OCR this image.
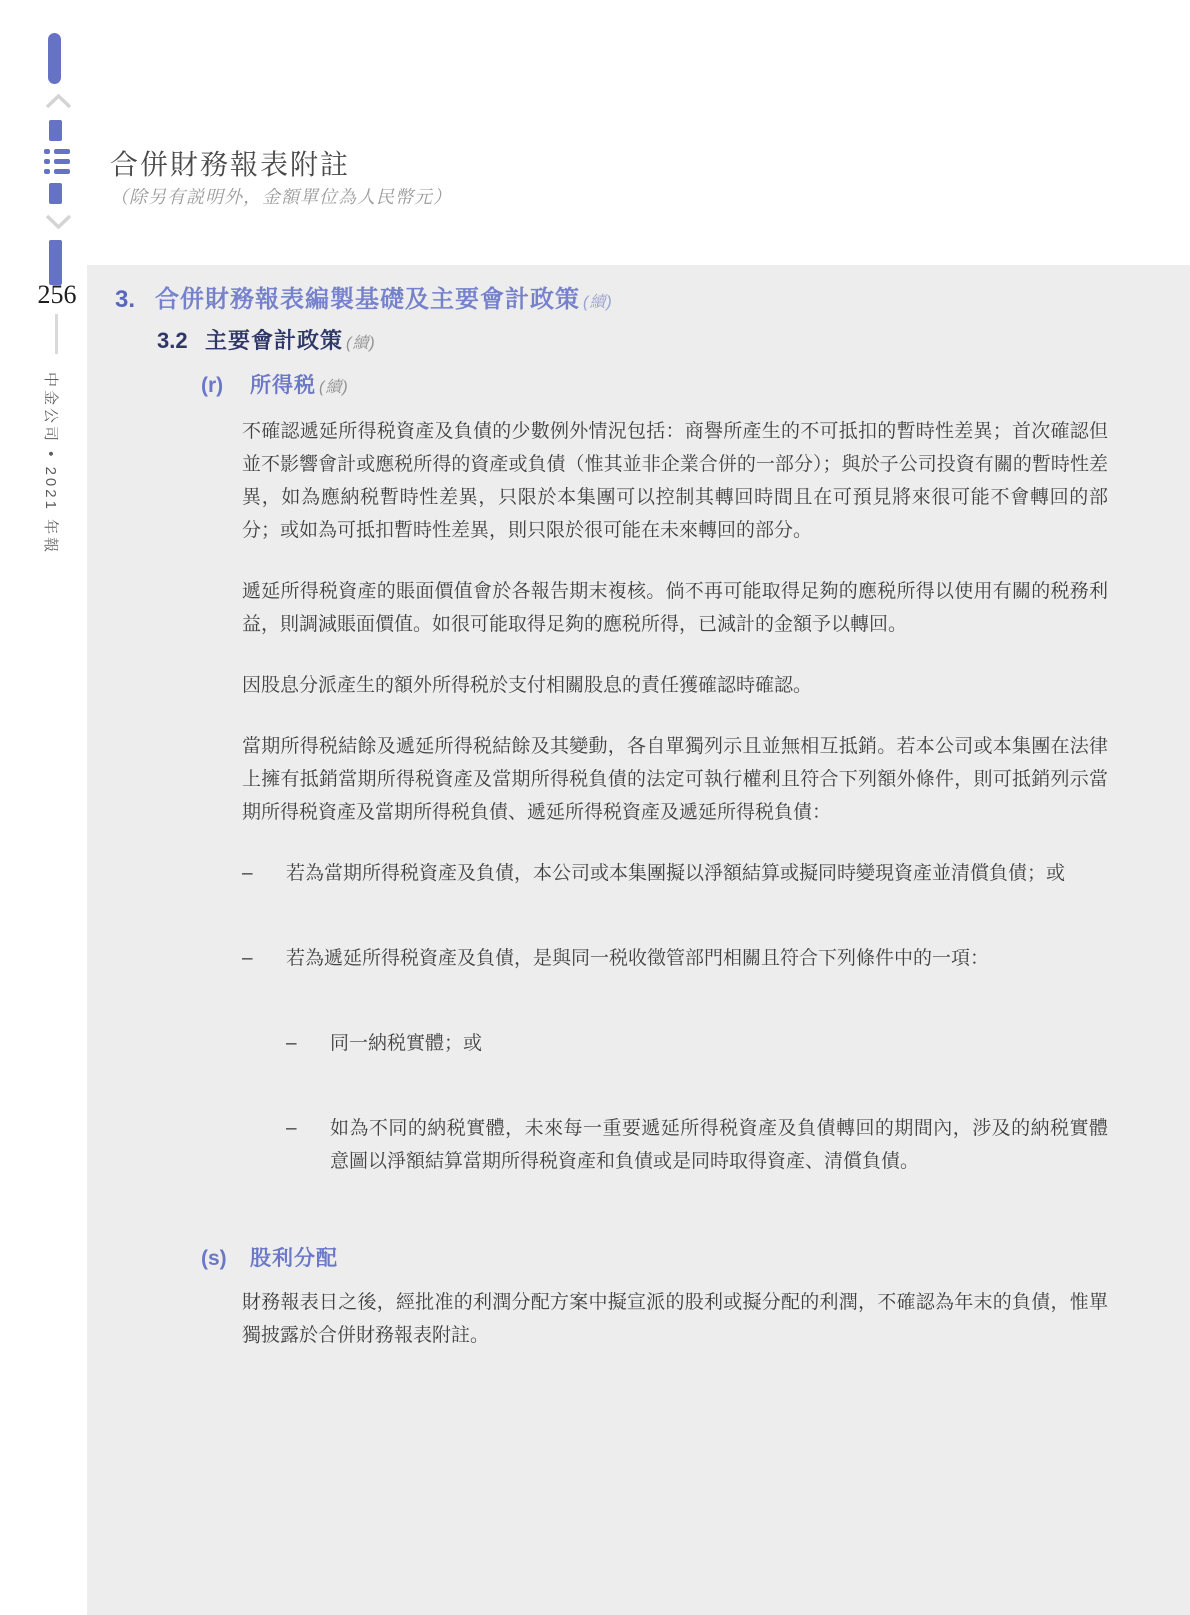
256
中金公司 • 2021 年報
合併財務報表附註
（除另有説明外，金額單位為人民幣元）
3. 合併財務報表編製基礎及主要會計政策 (續)
3.2 主要會計政策 (續)
(r)	所得税 (續)

不確認遞延所得税資產及負債的少數例外情況包括：商譽所產生的不可抵扣的暫時性差異；首次確認但並不影響會計或應税所得的資產或負債（惟其並非企業合併的一部分）；與於子公司投資有關的暫時性差異，如為應納税暫時性差異，只限於本集團可以控制其轉回時間且在可預見將來很可能不會轉回的部分；或如為可抵扣暫時性差異，則只限於很可能在未來轉回的部分。

遞延所得税資產的賬面價值會於各報告期末複核。倘不再可能取得足夠的應税所得以使用有關的税務利益，則調減賬面價值。如很可能取得足夠的應税所得，已減計的金額予以轉回。

因股息分派產生的額外所得税於支付相關股息的責任獲確認時確認。

當期所得税結餘及遞延所得税結餘及其變動，各自單獨列示且並無相互抵銷。若本公司或本集團在法律上擁有抵銷當期所得税資產及當期所得税負債的法定可執行權利且符合下列額外條件，則可抵銷列示當期所得税資產及當期所得税負債、遞延所得税資產及遞延所得税負債：

–	若為當期所得税資產及負債，本公司或本集團擬以淨額結算或擬同時變現資產並清償負債；或

–	若為遞延所得税資產及負債，是與同一税收徵管部門相關且符合下列條件中的一項：

–	同一納税實體；或

–	如為不同的納税實體，未來每一重要遞延所得税資產及負債轉回的期間內，涉及的納税實體意圖以淨額結算當期所得税資產和負債或是同時取得資產、清償負債。

(s)	股利分配

財務報表日之後，經批准的利潤分配方案中擬宣派的股利或擬分配的利潤，不確認為年末的負債，惟單獨披露於合併財務報表附註。
